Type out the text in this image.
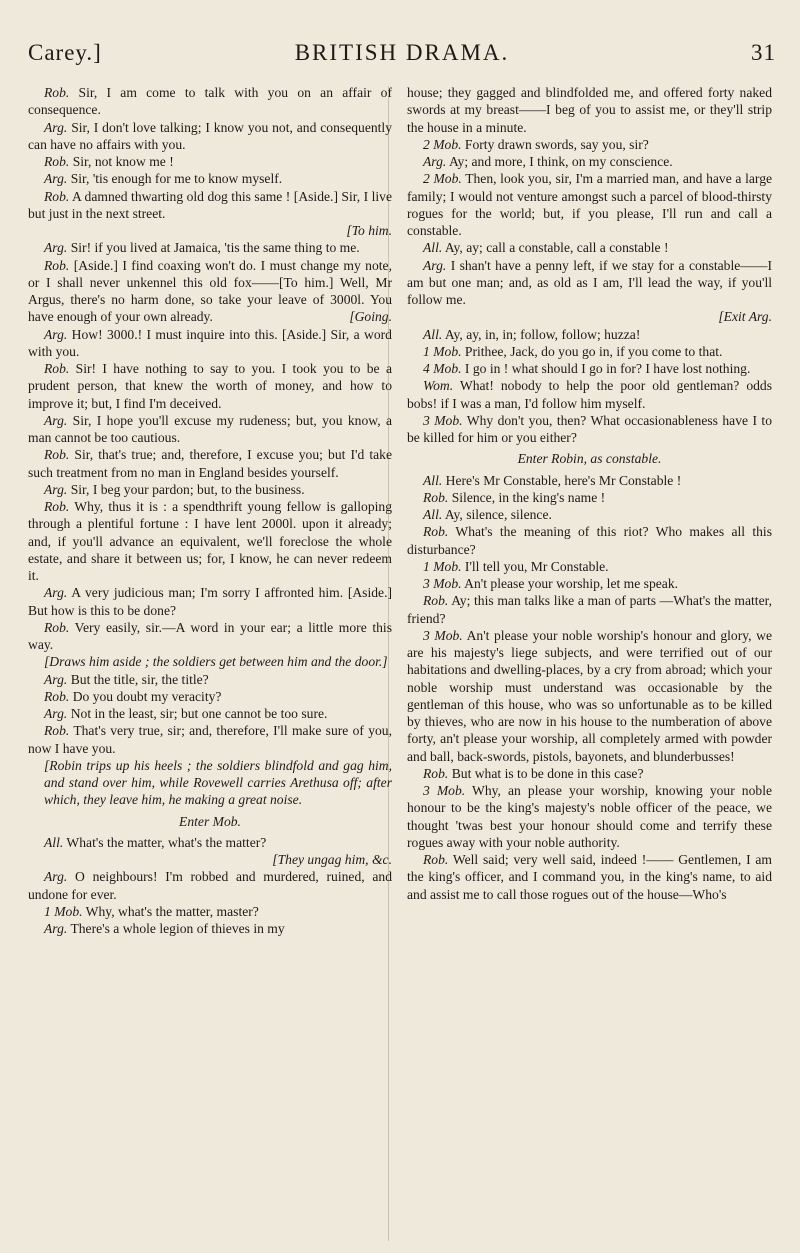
Carey.]	BRITISH DRAMA.	31

Rob. Sir, I am come to talk with you on an affair of consequence.

Arg. Sir, I don't love talking; I know you not, and consequently can have no affairs with you.

Rob. Sir, not know me !

Arg. Sir, 'tis enough for me to know myself.

Rob. A damned thwarting old dog this same ! [Aside.] Sir, I live but just in the next street.

[To him.

Arg. Sir! if you lived at Jamaica, 'tis the same thing to me.

Rob. [Aside.] I find coaxing won't do. I must change my note, or I shall never unkennel this old fox——[To him.] Well, Mr Argus, there's no harm done, so take your leave of 3000l. You have enough of your own already.	[Going.

Arg. How! 3000.! I must inquire into this. [Aside.] Sir, a word with you.

Rob. Sir! I have nothing to say to you. I took you to be a prudent person, that knew the worth of money, and how to improve it; but, I find I'm deceived.

Arg. Sir, I hope you'll excuse my rudeness; but, you know, a man cannot be too cautious.

Rob. Sir, that's true; and, therefore, I excuse you; but I'd take such treatment from no man in England besides yourself.

Arg. Sir, I beg your pardon; but, to the business.

Rob. Why, thus it is : a spendthrift young fellow is galloping through a plentiful fortune : I have lent 2000l. upon it already; and, if you'll advance an equivalent, we'll foreclose the whole estate, and share it between us; for, I know, he can never redeem it.

Arg. A very judicious man; I'm sorry I affronted him. [Aside.] But how is this to be done?

Rob. Very easily, sir.—A word in your ear; a little more this way.

[Draws him aside ; the soldiers get between him and the door.]

Arg. But the title, sir, the title?

Rob. Do you doubt my veracity?

Arg. Not in the least, sir; but one cannot be too sure.

Rob. That's very true, sir; and, therefore, I'll make sure of you, now I have you.

[Robin trips up his heels ; the soldiers blindfold and gag him, and stand over him, while Rovewell carries Arethusa off; after which, they leave him, he making a great noise.

Enter Mob.

All. What's the matter, what's the matter?

[They ungag him, &c.

Arg. O neighbours! I'm robbed and murdered, ruined, and undone for ever.

1 Mob. Why, what's the matter, master?

Arg. There's a whole legion of thieves in my

house; they gagged and blindfolded me, and offered forty naked swords at my breast——I beg of you to assist me, or they'll strip the house in a minute.

2 Mob. Forty drawn swords, say you, sir?

Arg. Ay; and more, I think, on my conscience.

2 Mob. Then, look you, sir, I'm a married man, and have a large family; I would not venture amongst such a parcel of blood-thirsty rogues for the world; but, if you please, I'll run and call a constable.

All. Ay, ay; call a constable, call a constable !

Arg. I shan't have a penny left, if we stay for a constable——I am but one man; and, as old as I am, I'll lead the way, if you'll follow me.

[Exit Arg.

All. Ay, ay, in, in; follow, follow; huzza!

1 Mob. Prithee, Jack, do you go in, if you come to that.

4 Mob. I go in ! what should I go in for? I have lost nothing.

Wom. What! nobody to help the poor old gentleman? odds bobs! if I was a man, I'd follow him myself.

3 Mob. Why don't you, then? What occasionableness have I to be killed for him or you either?

Enter Robin, as constable.

All. Here's Mr Constable, here's Mr Constable !

Rob. Silence, in the king's name !

All. Ay, silence, silence.

Rob. What's the meaning of this riot? Who makes all this disturbance?

1 Mob. I'll tell you, Mr Constable.

3 Mob. An't please your worship, let me speak.

Rob. Ay; this man talks like a man of parts —What's the matter, friend?

3 Mob. An't please your noble worship's honour and glory, we are his majesty's liege subjects, and were terrified out of our habitations and dwelling-places, by a cry from abroad; which your noble worship must understand was occasionable by the gentleman of this house, who was so unfortunable as to be killed by thieves, who are now in his house to the numberation of above forty, an't please your worship, all completely armed with powder and ball, back-swords, pistols, bayonets, and blunderbusses!

Rob. But what is to be done in this case?

3 Mob. Why, an please your worship, knowing your noble honour to be the king's majesty's noble officer of the peace, we thought 'twas best your honour should come and terrify these rogues away with your noble authority.

Rob. Well said; very well said, indeed !—— Gentlemen, I am the king's officer, and I command you, in the king's name, to aid and assist me to call those rogues out of the house—Who's
